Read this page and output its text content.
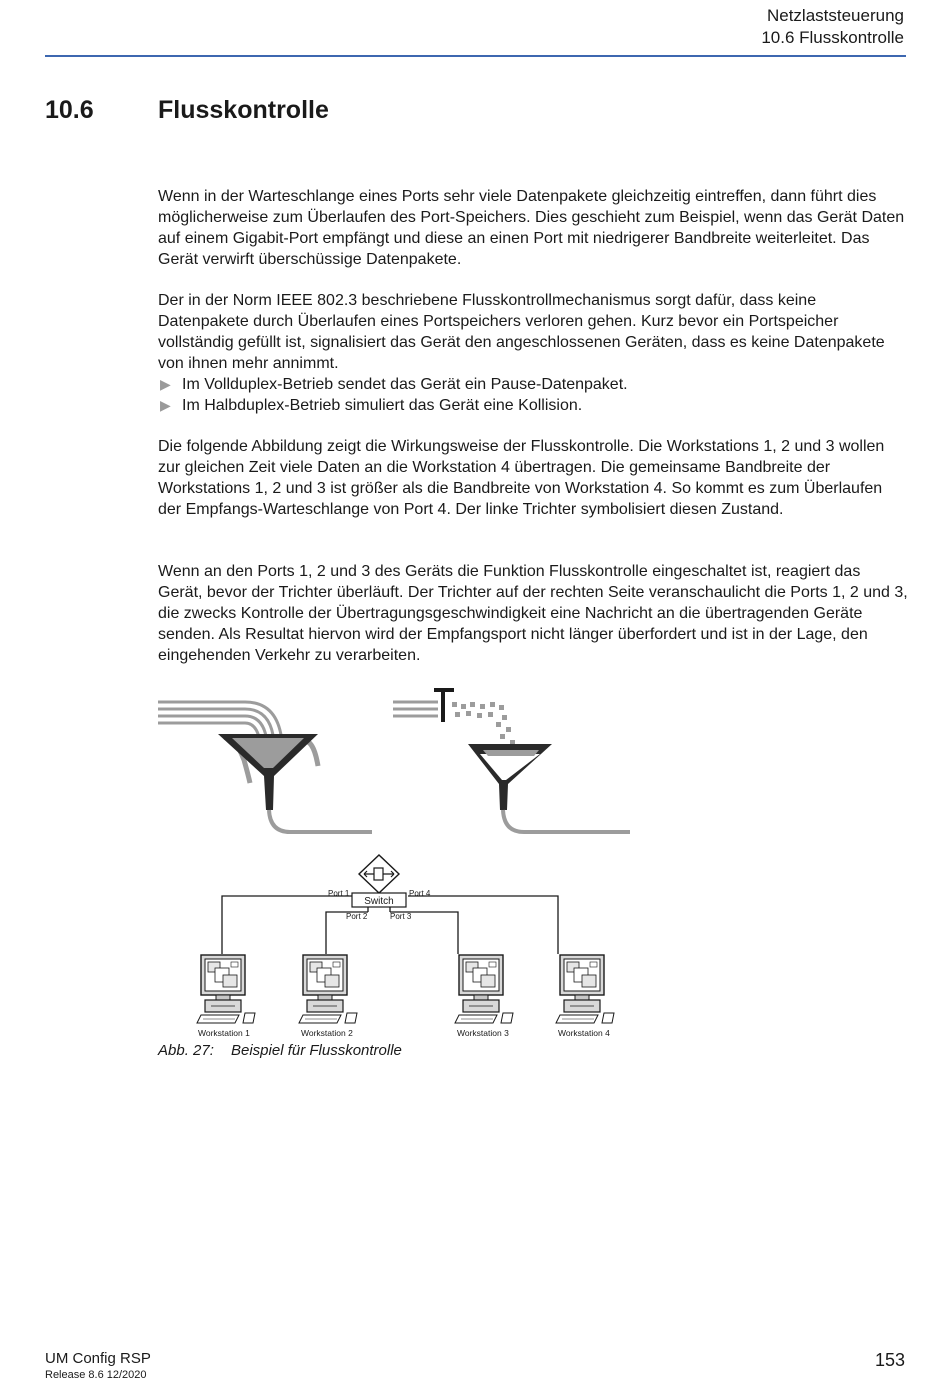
Netzlaststeuerung
10.6 Flusskontrolle
10.6	Flusskontrolle

Wenn in der Warteschlange eines Ports sehr viele Datenpakete gleichzeitig eintreffen, dann führt dies möglicherweise zum Überlaufen des Port-Speichers. Dies geschieht zum Beispiel, wenn das Gerät Daten auf einem Gigabit-Port empfängt und diese an einen Port mit niedrigerer Bandbreite weiterleitet. Das Gerät verwirft überschüssige Datenpakete.

Der in der Norm IEEE 802.3 beschriebene Flusskontrollmechanismus sorgt dafür, dass keine Datenpakete durch Überlaufen eines Portspeichers verloren gehen. Kurz bevor ein Portspeicher vollständig gefüllt ist, signalisiert das Gerät den angeschlossenen Geräten, dass es keine Datenpakete von ihnen mehr annimmt.

▶ Im Vollduplex-Betrieb sendet das Gerät ein Pause-Datenpaket.
▶ Im Halbduplex-Betrieb simuliert das Gerät eine Kollision.

Die folgende Abbildung zeigt die Wirkungsweise der Flusskontrolle. Die Workstations 1, 2 und 3 wollen zur gleichen Zeit viele Daten an die Workstation 4 übertragen. Die gemeinsame Bandbreite der Workstations 1, 2 und 3 ist größer als die Bandbreite von Workstation 4. So kommt es zum Überlaufen der Empfangs-Warteschlange von Port 4. Der linke Trichter symbolisiert diesen Zustand.

Wenn an den Ports 1, 2 und 3 des Geräts die Funktion Flusskontrolle eingeschaltet ist, reagiert das Gerät, bevor der Trichter überläuft. Der Trichter auf der rechten Seite veranschaulicht die Ports 1, 2 und 3, die zwecks Kontrolle der Übertragungsgeschwindigkeit eine Nachricht an die übertragenden Geräte senden. Als Resultat hiervon wird der Empfangsport nicht länger überfordert und ist in der Lage, den eingehenden Verkehr zu verarbeiten.

Switch
Port 1	Port 4
Port 2	Port 3
Workstation 1	Workstation 2	Workstation 3	Workstation 4
Abb. 27: Beispiel für Flusskontrolle
UM Config RSP
Release 8.6 12/2020
153
